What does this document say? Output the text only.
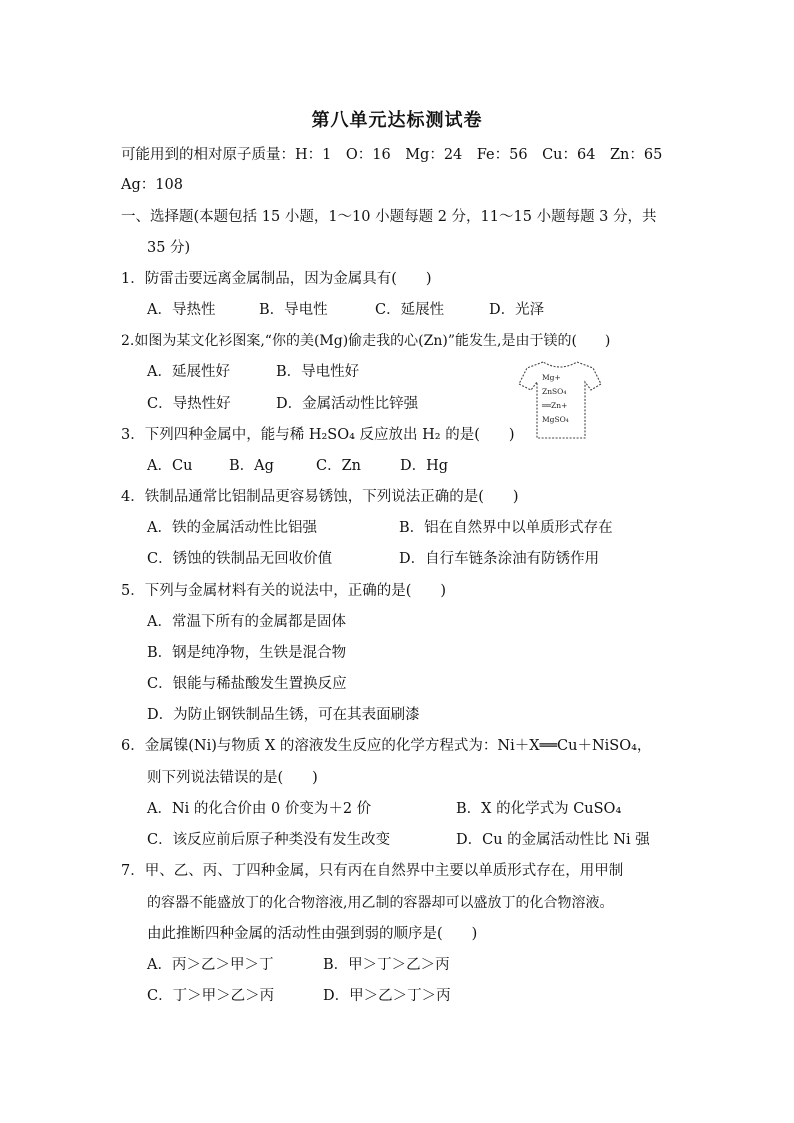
第八单元达标测试卷
可能用到的相对原子质量：H：1　O：16　Mg：24　Fe：56　Cu：64　Zn：65
Ag：108
一、选择题(本题包括 15 小题，1～10 小题每题 2 分，11～15 小题每题 3 分，共
35 分)
1．防雷击要远离金属制品，因为金属具有(　　)
A．导热性	B．导电性	C．延展性	D．光泽
2.如图为某文化衫图案,“你的美(Mg)偷走我的心(Zn)”能发生,是由于镁的(　　)
A．延展性好	B．导电性好
C．导热性好	D．金属活动性比锌强
Mg+
ZnSO₄
══Zn+
MgSO₄
3．下列四种金属中，能与稀 H₂SO₄ 反应放出 H₂ 的是(　　)
A．Cu	B．Ag	C．Zn	D．Hg
4．铁制品通常比铝制品更容易锈蚀，下列说法正确的是(　　)
A．铁的金属活动性比铝强	B．铝在自然界中以单质形式存在
C．锈蚀的铁制品无回收价值	D．自行车链条涂油有防锈作用
5．下列与金属材料有关的说法中，正确的是(　　)
A．常温下所有的金属都是固体
B．钢是纯净物，生铁是混合物
C．银能与稀盐酸发生置换反应
D．为防止钢铁制品生锈，可在其表面刷漆
6．金属镍(Ni)与物质 X 的溶液发生反应的化学方程式为：Ni＋X══Cu＋NiSO₄，
则下列说法错误的是(　　)
A．Ni 的化合价由 0 价变为＋2 价	B．X 的化学式为 CuSO₄
C．该反应前后原子种类没有发生改变	D．Cu 的金属活动性比 Ni 强
7．甲、乙、丙、丁四种金属，只有丙在自然界中主要以单质形式存在，用甲制
的容器不能盛放丁的化合物溶液,用乙制的容器却可以盛放丁的化合物溶液。
由此推断四种金属的活动性由强到弱的顺序是(　　)
A．丙＞乙＞甲＞丁	B．甲＞丁＞乙＞丙
C．丁＞甲＞乙＞丙	D．甲＞乙＞丁＞丙
